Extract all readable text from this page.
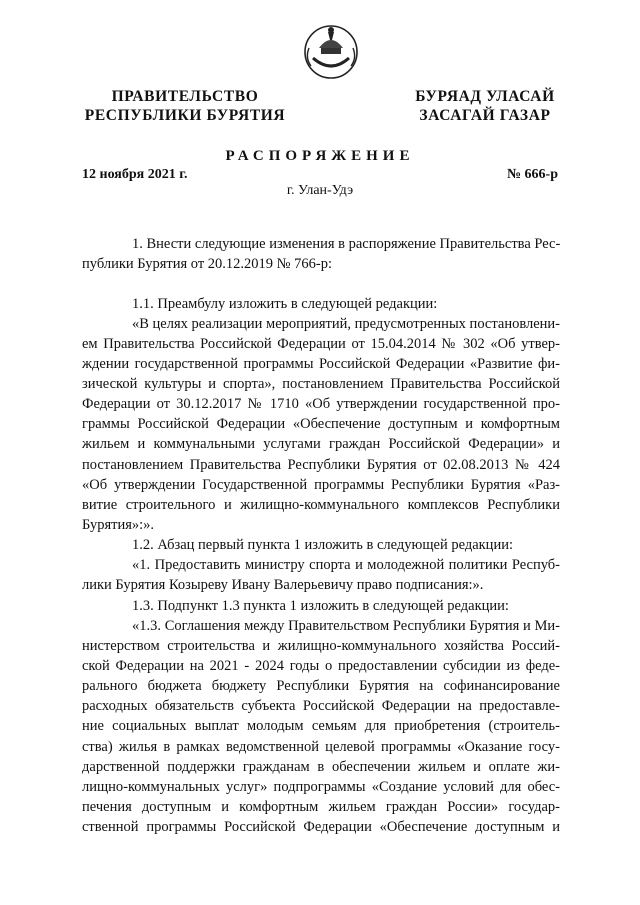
ПРАВИТЕЛЬСТВО
РЕСПУБЛИКИ БУРЯТИЯ
БУРЯАД УЛАСАЙ
ЗАСАГАЙ ГАЗАР
РАСПОРЯЖЕНИЕ
12 ноября 2021 г.	№ 666-р
г. Улан-Удэ
1. Внести следующие изменения в распоряжение Правительства Рес-
публики Бурятия от 20.12.2019 № 766-р:
1.1. Преамбулу изложить в следующей редакции:
«В целях реализации мероприятий, предусмотренных постановлени-
ем Правительства Российской Федерации от 15.04.2014 № 302 «Об утвер-
ждении государственной программы Российской Федерации «Развитие фи-
зической культуры и спорта», постановлением Правительства Российской
Федерации от 30.12.2017 № 1710 «Об утверждении государственной про-
граммы Российской Федерации «Обеспечение доступным и комфортным
жильем и коммунальными услугами граждан Российской Федерации» и
постановлением Правительства Республики Бурятия от 02.08.2013 № 424
«Об утверждении Государственной программы Республики Бурятия «Раз-
витие строительного и жилищно-коммунального комплексов Республики
Бурятия»:».
1.2. Абзац первый пункта 1 изложить в следующей редакции:
«1. Предоставить министру спорта и молодежной политики Респуб-
лики Бурятия Козыреву Ивану Валерьевичу право подписания:».
1.3. Подпункт 1.3 пункта 1 изложить в следующей редакции:
«1.3. Соглашения между Правительством Республики Бурятия и Ми-
нистерством строительства и жилищно-коммунального хозяйства Россий-
ской Федерации на 2021 - 2024 годы о предоставлении субсидии из феде-
рального бюджета бюджету Республики Бурятия на софинансирование
расходных обязательств субъекта Российской Федерации на предоставле-
ние социальных выплат молодым семьям для приобретения (строитель-
ства) жилья в рамках ведомственной целевой программы «Оказание госу-
дарственной поддержки гражданам в обеспечении жильем и оплате жи-
лищно-коммунальных услуг» подпрограммы «Создание условий для обес-
печения доступным и комфортным жильем граждан России» государ-
ственной программы Российской Федерации «Обеспечение доступным и
